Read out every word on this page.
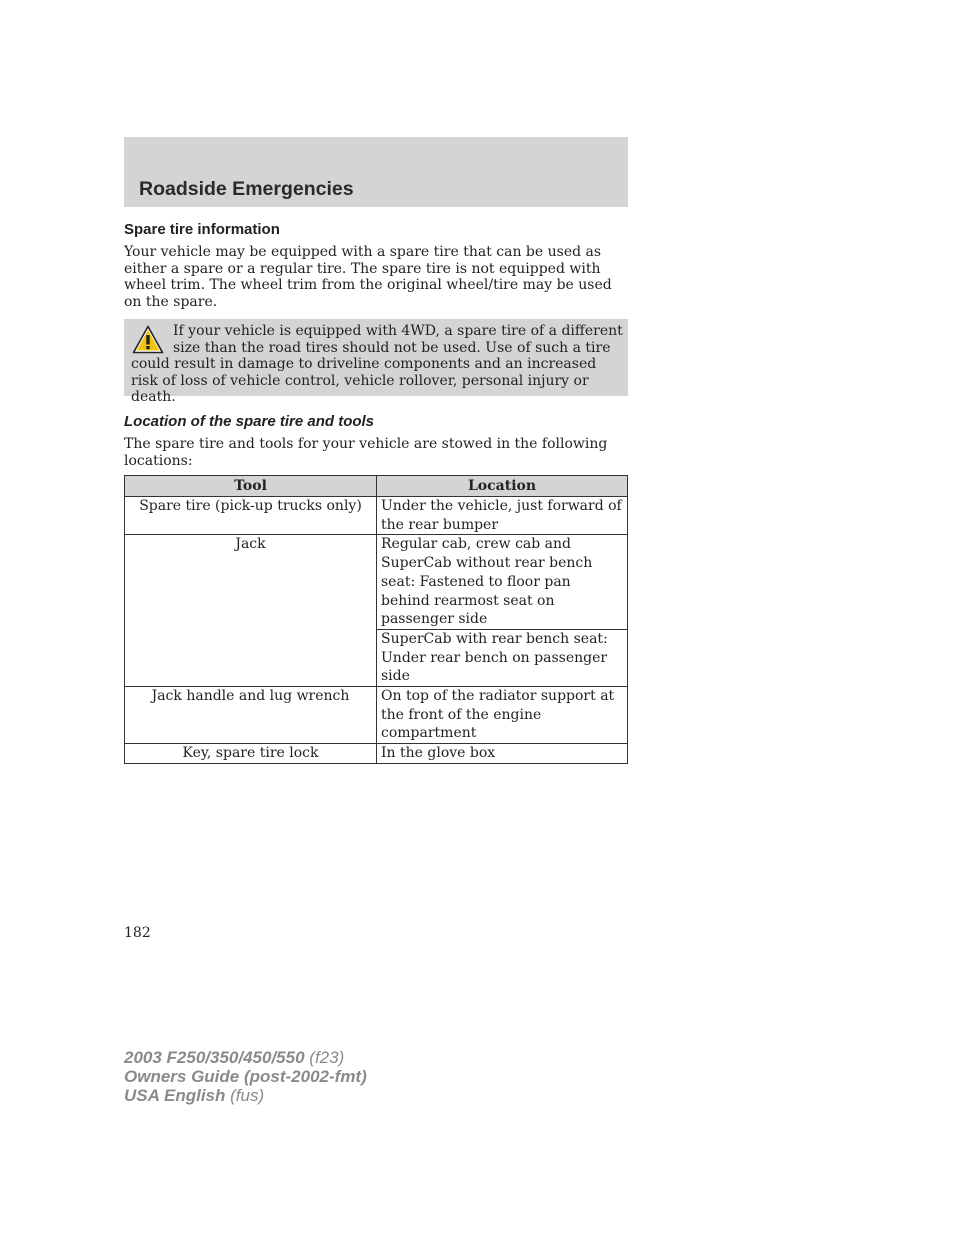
Roadside Emergencies
Spare tire information

Your vehicle may be equipped with a spare tire that can be used as either a spare or a regular tire. The spare tire is not equipped with wheel trim. The wheel trim from the original wheel/tire may be used on the spare.

If your vehicle is equipped with 4WD, a spare tire of a different size than the road tires should not be used. Use of such a tire could result in damage to driveline components and an increased risk of loss of vehicle control, vehicle rollover, personal injury or death.

Location of the spare tire and tools

The spare tire and tools for your vehicle are stowed in the following locations:

Tool	Location
Spare tire (pick-up trucks only)	Under the vehicle, just forward of the rear bumper
Jack	Regular cab, crew cab and SuperCab without rear bench seat: Fastened to floor pan behind rearmost seat on passenger side
	SuperCab with rear bench seat: Under rear bench on passenger side
Jack handle and lug wrench	On top of the radiator support at the front of the engine compartment
Key, spare tire lock	In the glove box

182

2003 F250/350/450/550 (f23)
Owners Guide (post-2002-fmt)
USA English (fus)
